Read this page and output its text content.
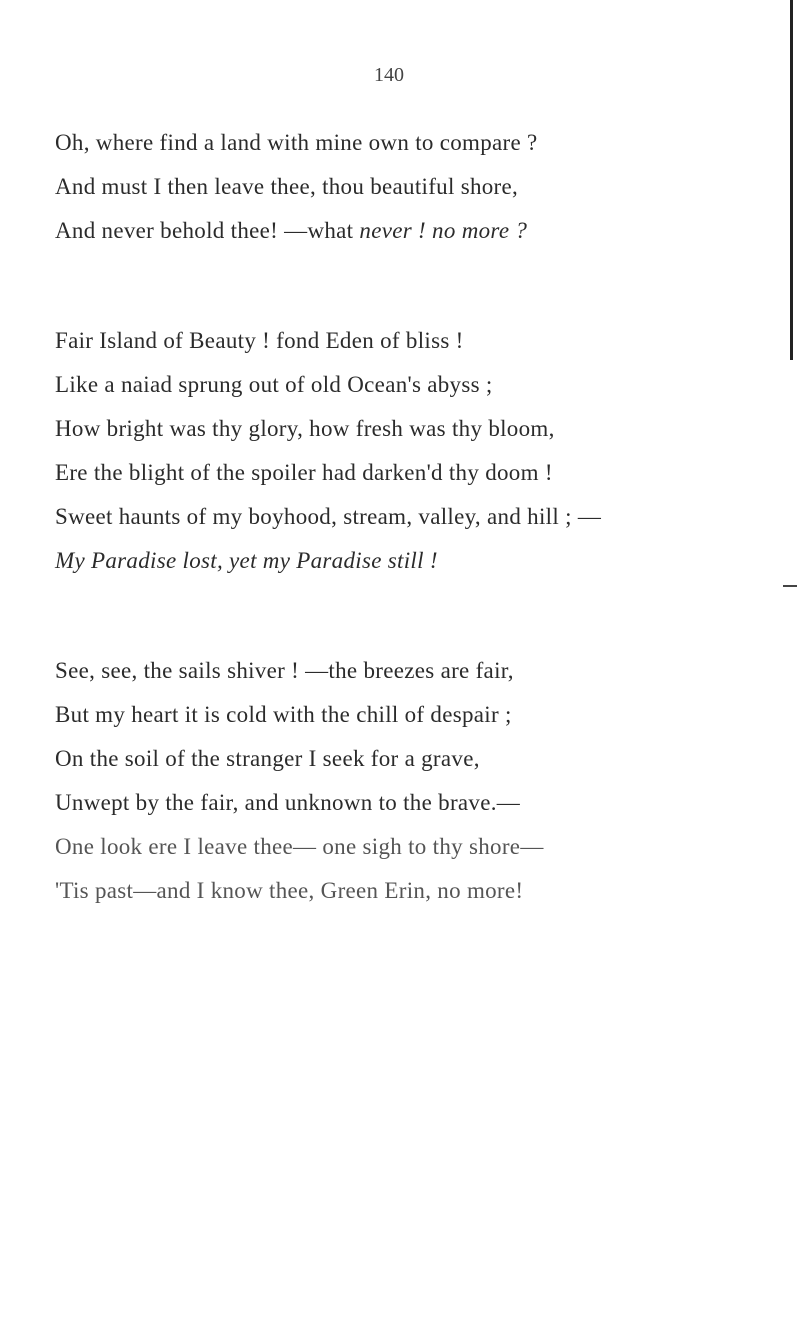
140
Oh, where find a land with mine own to compare ?
And must I then leave thee, thou beautiful shore,
And never behold thee! —what never ! no more ?
Fair Island of Beauty ! fond Eden of bliss !
Like a naiad sprung out of old Ocean's abyss ;
How bright was thy glory, how fresh was thy bloom,
Ere the blight of the spoiler had darken'd thy doom !
Sweet haunts of my boyhood, stream, valley, and hill ; —
My Paradise lost, yet my Paradise still !
See, see, the sails shiver ! —the breezes are fair,
But my heart it is cold with the chill of despair ;
On the soil of the stranger I seek for a grave,
Unwept by the fair, and unknown to the brave.—
One look ere I leave thee— one sigh to thy shore—
'Tis past—and I know thee, Green Erin, no more!
